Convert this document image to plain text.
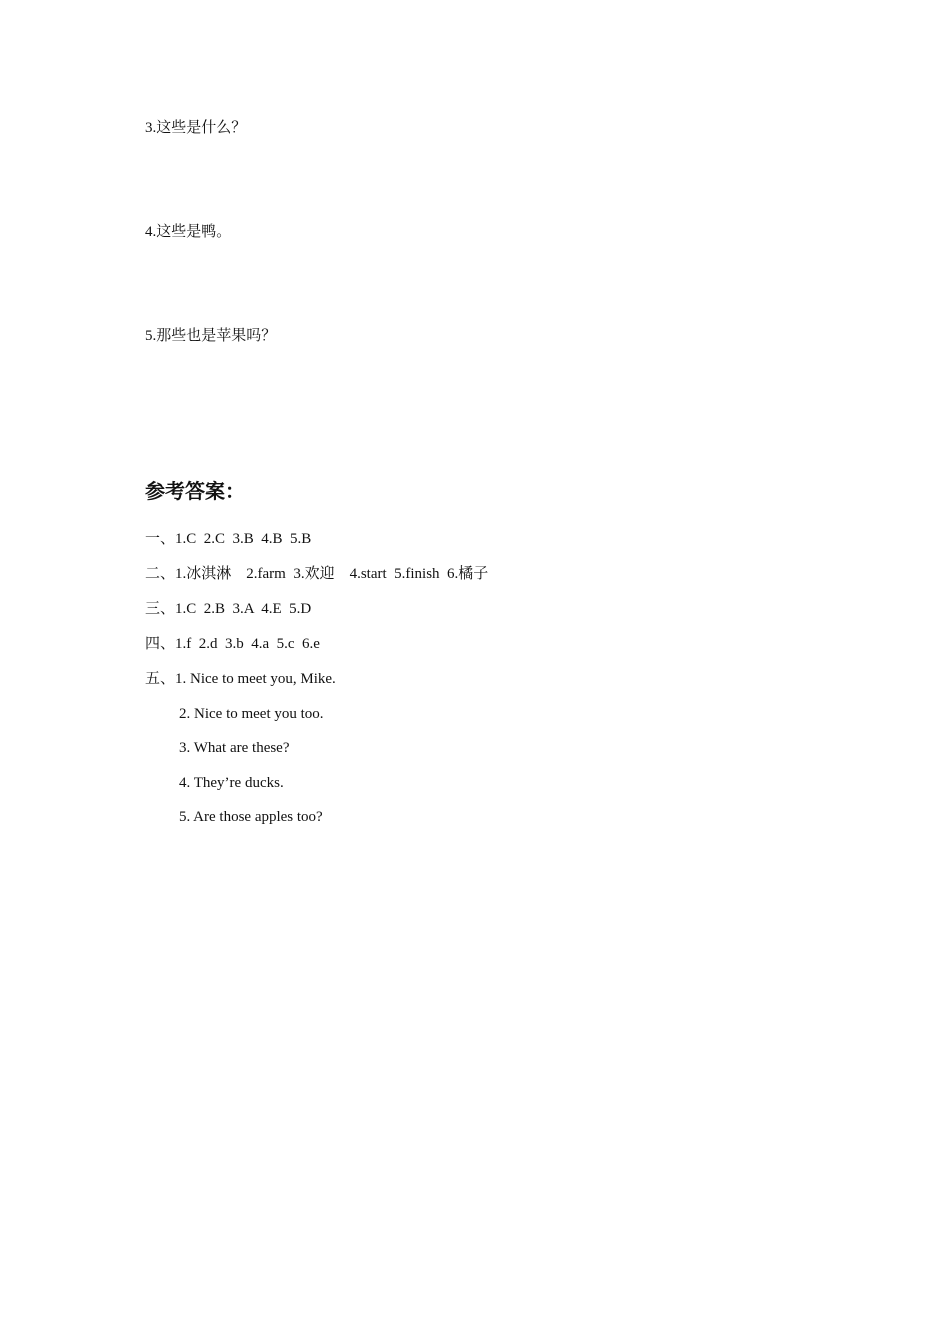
3.这些是什么？
4.这些是鸭。
5.那些也是苹果吗？
参考答案：
一、1.C  2.C  3.B  4.B  5.B
二、1.冰淇淋    2.farm  3.欢迎    4.start  5.finish  6.橘子
三、1.C  2.B  3.A  4.E  5.D
四、1.f  2.d  3.b  4.a  5.c  6.e
五、1. Nice to meet you, Mike.
2. Nice to meet you too.
3. What are these?
4. They’re ducks.
5. Are those apples too?
